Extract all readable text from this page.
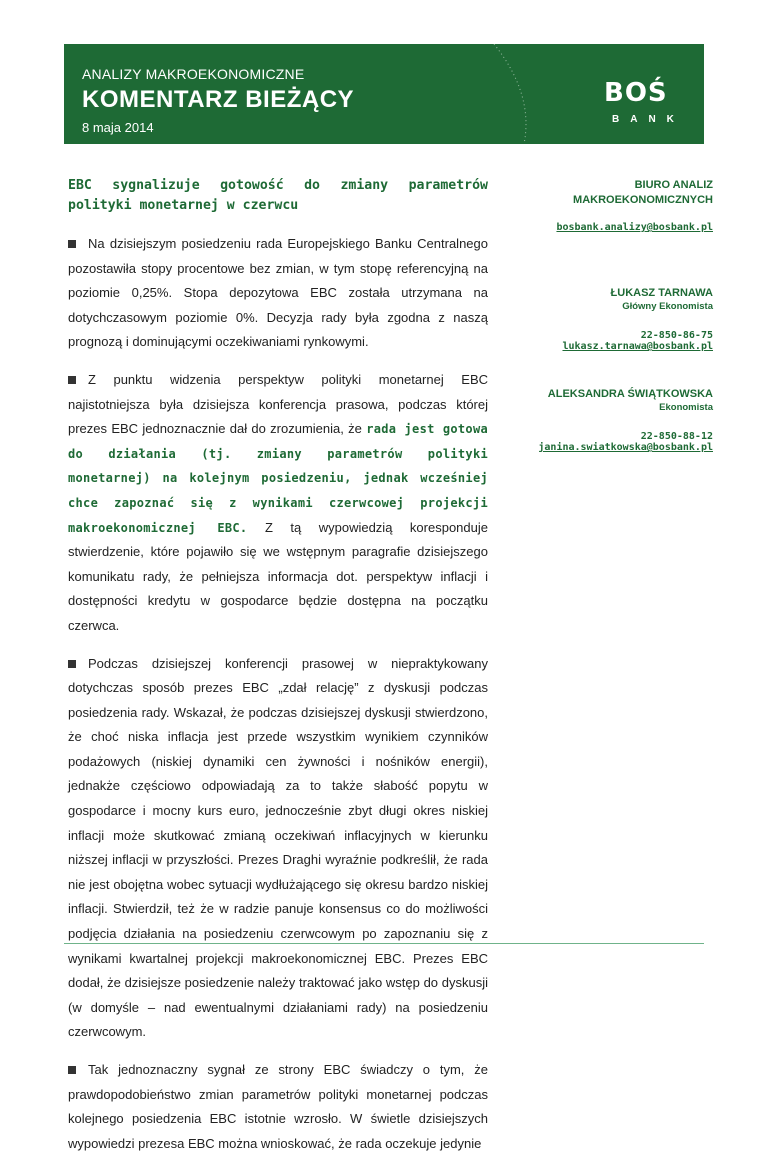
ANALIZY MAKROEKONOMICZNE
KOMENTARZ BIEŻĄCY
8 maja 2014
BOŚ
BANK
EBC sygnalizuje gotowość do zmiany parametrów
polityki monetarnej w czerwcu

Na dzisiejszym posiedzeniu rada Europejskiego Banku Centralnego pozostawiła stopy procentowe bez zmian, w tym stopę referencyjną na poziomie 0,25%. Stopa depozytowa EBC została utrzymana na dotychczasowym poziomie 0%. Decyzja rady była zgodna z naszą prognozą i dominującymi oczekiwaniami rynkowymi.

Z punktu widzenia perspektyw polityki monetarnej EBC najistotniejsza była dzisiejsza konferencja prasowa, podczas której prezes EBC jednoznacznie dał do zrozumienia, że rada jest gotowa do działania (tj. zmiany parametrów polityki monetarnej) na kolejnym posiedzeniu, jednak wcześniej chce zapoznać się z wynikami czerwcowej projekcji makroekonomicznej EBC. Z tą wypowiedzią koresponduje stwierdzenie, które pojawiło się we wstępnym paragrafie dzisiejszego komunikatu rady, że pełniejsza informacja dot. perspektyw inflacji i dostępności kredytu w gospodarce będzie dostępna na początku czerwca.

Podczas dzisiejszej konferencji prasowej w niepraktykowany dotychczas sposób prezes EBC „zdał relację” z dyskusji podczas posiedzenia rady. Wskazał, że podczas dzisiejszej dyskusji stwierdzono, że choć niska inflacja jest przede wszystkim wynikiem czynników podażowych (niskiej dynamiki cen żywności i nośników energii), jednakże częściowo odpowiadają za to także słabość popytu w gospodarce i mocny kurs euro, jednocześnie zbyt długi okres niskiej inflacji może skutkować zmianą oczekiwań inflacyjnych w kierunku niższej inflacji w przyszłości. Prezes Draghi wyraźnie podkreślił, że rada nie jest obojętna wobec sytuacji wydłużającego się okresu bardzo niskiej inflacji. Stwierdził, też że w radzie panuje konsensus co do możliwości podjęcia działania na posiedzeniu czerwcowym po zapoznaniu się z wynikami kwartalnej projekcji makroekonomicznej EBC. Prezes EBC dodał, że dzisiejsze posiedzenie należy traktować jako wstęp do dyskusji (w domyśle – nad ewentualnymi działaniami rady) na posiedzeniu czerwcowym.

Tak jednoznaczny sygnał ze strony EBC świadczy o tym, że prawdopodobieństwo zmian parametrów polityki monetarnej podczas kolejnego posiedzenia EBC istotnie wzrosło. W świetle dzisiejszych wypowiedzi prezesa EBC można wnioskować, że rada oczekuje jedynie

BIURO ANALIZ
MAKROEKONOMICZNYCH
bosbank.analizy@bosbank.pl
ŁUKASZ TARNAWA
Główny Ekonomista
22-850-86-75
lukasz.tarnawa@bosbank.pl
ALEKSANDRA ŚWIĄTKOWSKA
Ekonomista
22-850-88-12
janina.swiatkowska@bosbank.pl
